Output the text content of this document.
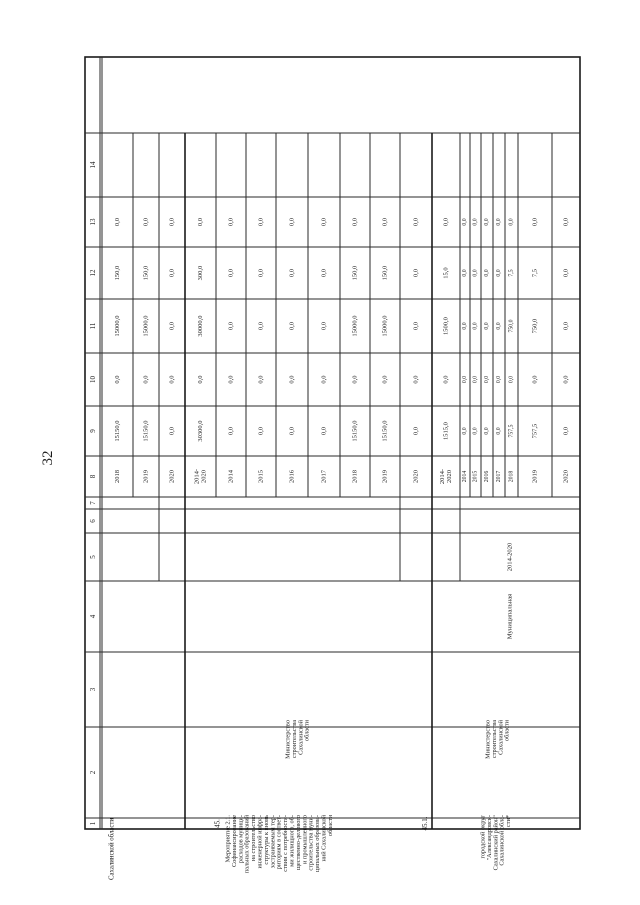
32
1
2
3
4
5
6
7
8
9
10
11
12
13
14
Сахалинской области	45. Мероприятие 2.1. Софинансирование расходов муници- пальных образований на строительство инженерной инфра- структуры к вновь застраиваемым тер- риториям в соответ- ствии с потребностя- ми жилищного, об- щественно-делового и промышленного строительства муни- ципальных образова- ний Сахалинской области
Министерство строительства Сахалинской области
45.1.	городской округ "Александровск- Сахалинский район" Сахалинской обла- сти*
Министерство строительства Сахалинской области
Муниципальная
2014-2020
2018
15150,0
0,0
15000,0
150,0
0,0
2019
15150,0
0,0
15000,0
150,0
0,0
2020
0,0
0,0
0,0
0,0
0,0
2014- 2020
30300,0
0,0
30000,0
300,0
0,0
2014
0,0
0,0
0,0
0,0
0,0
2015
0,0
0,0
0,0
0,0
0,0
2016
0,0
0,0
0,0
0,0
0,0
2017
0,0
0,0
0,0
0,0
0,0
2018
15150,0
0,0
15000,0
150,0
0,0
2019
15150,0
0,0
15000,0
150,0
0,0
2020
0,0
0,0
0,0
0,0
0,0
2014- 2020
1515,0
0,0
1500,0
15,0
0,0
2014
0,0
0,0
0,0
0,0
0,0
2015
0,0
0,0
0,0
0,0
0,0
2016
0,0
0,0
0,0
0,0
0,0
2017
0,0
0,0
0,0
0,0
0,0
2018
757,5
0,0
750,0
7,5
0,0
2019
757,5
0,0
750,0
7,5
0,0
2020
0,0
0,0
0,0
0,0
0,0
